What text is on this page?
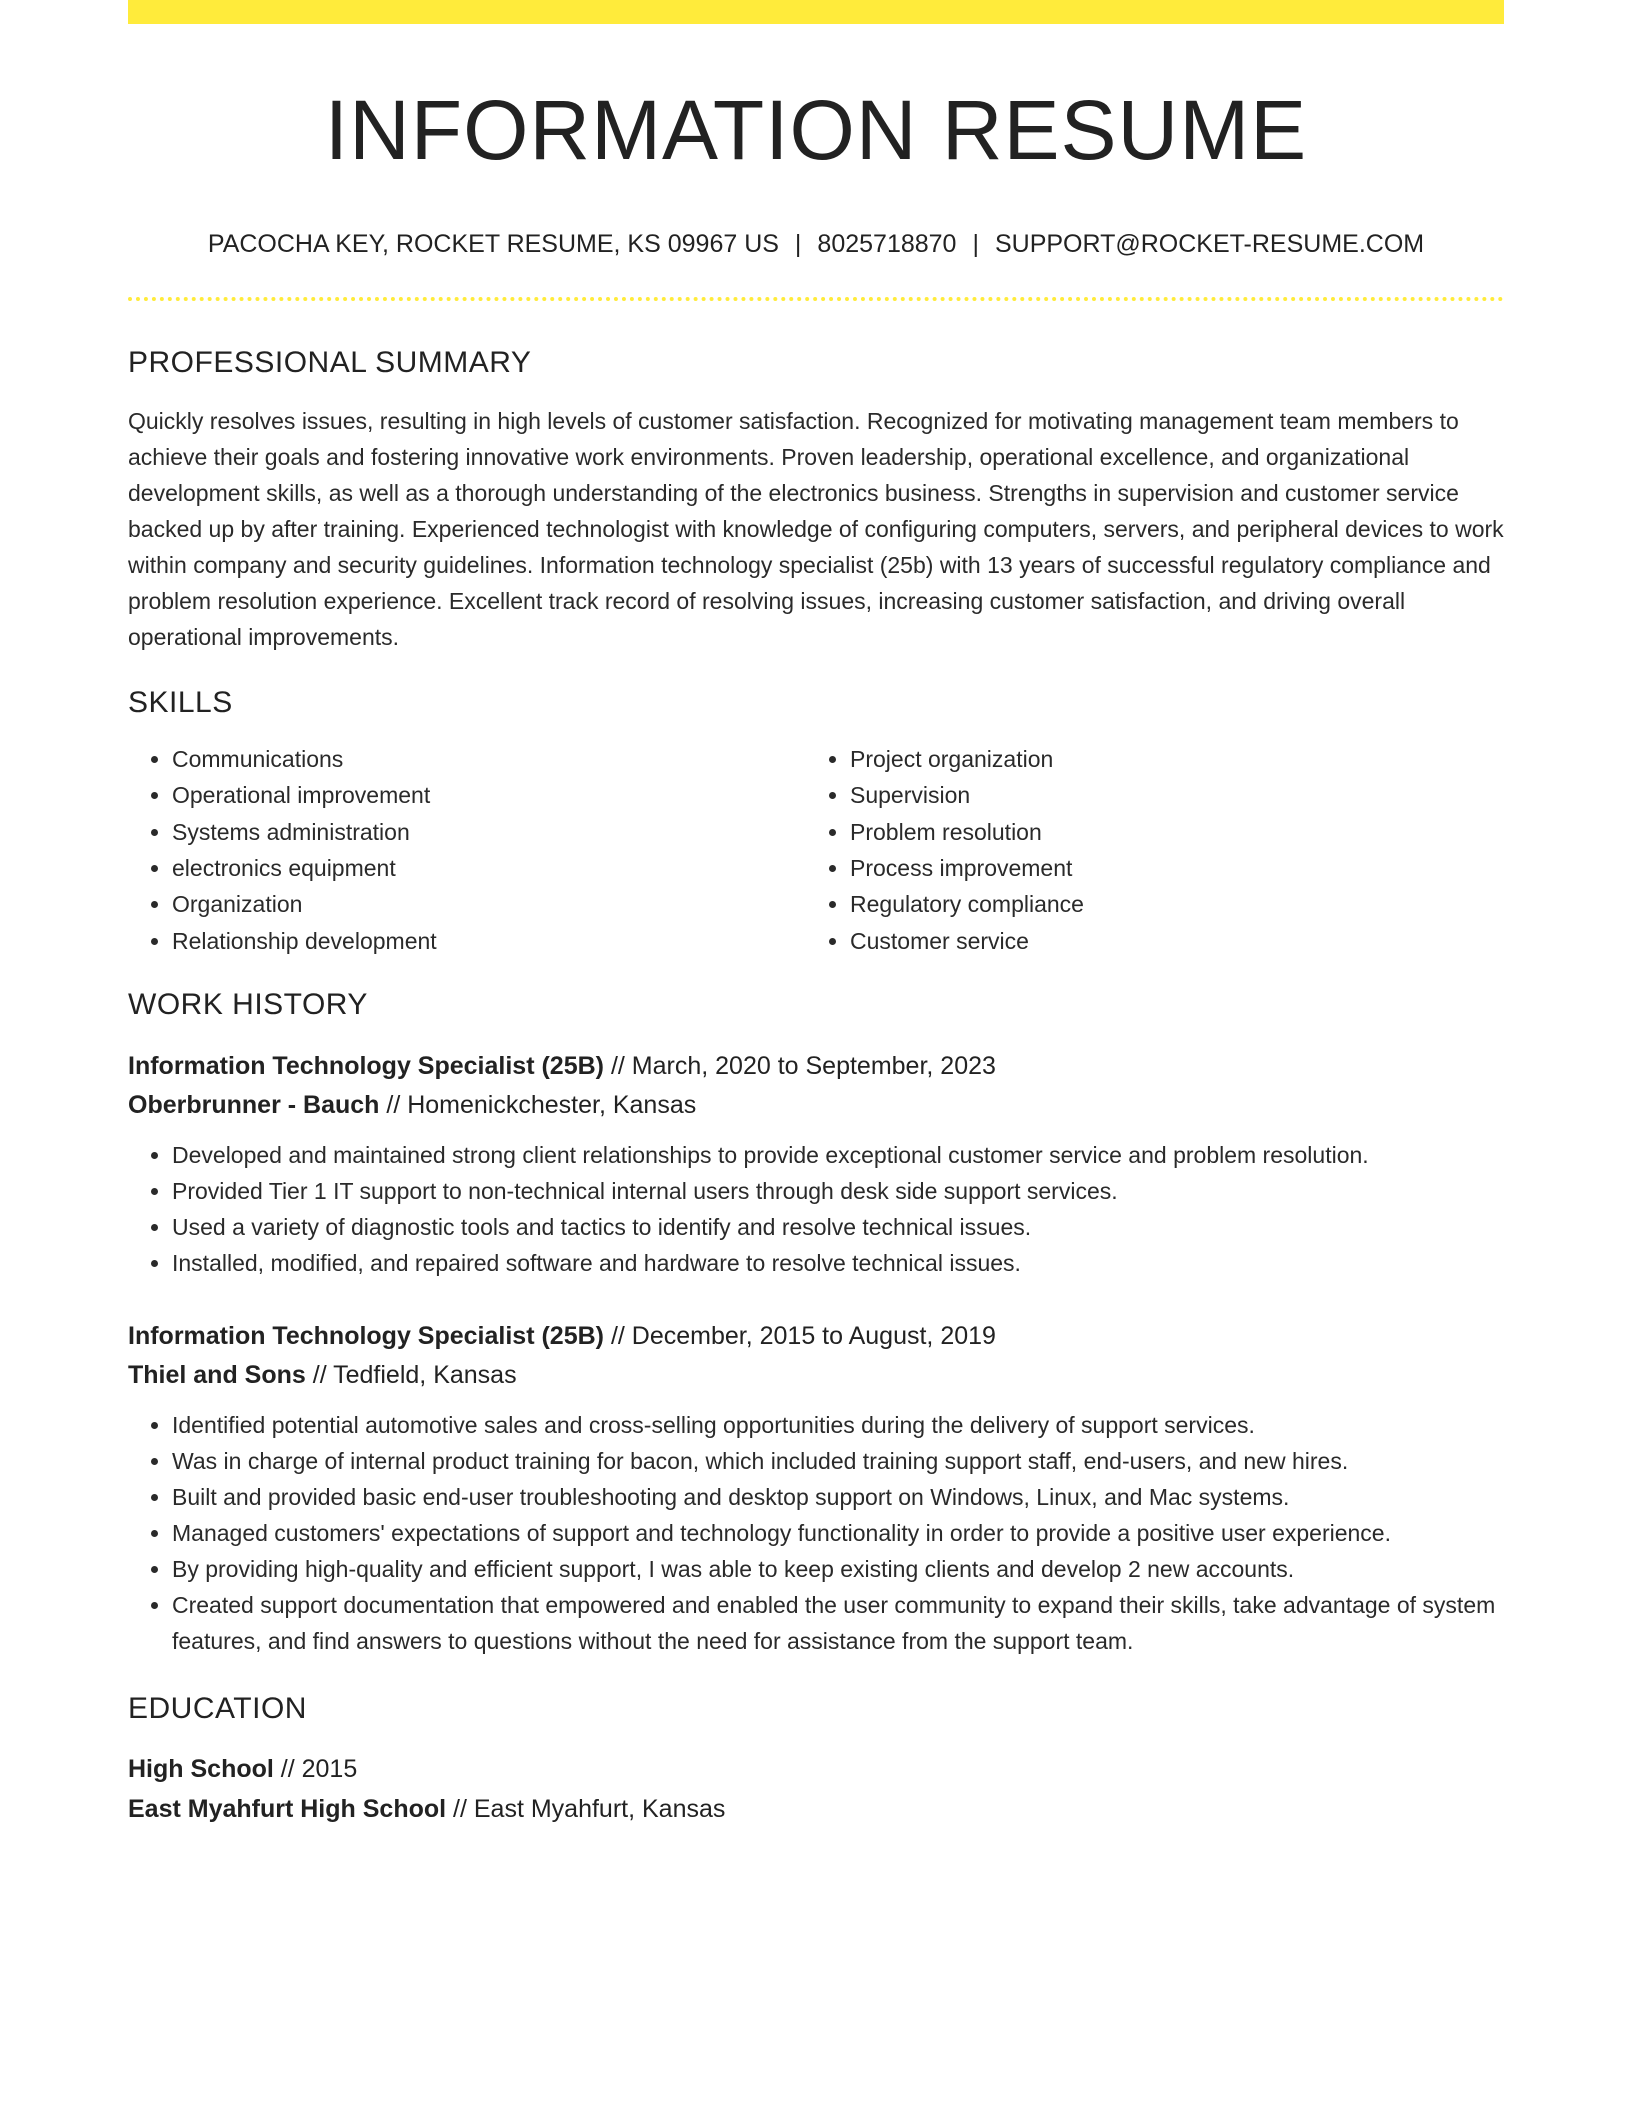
INFORMATION RESUME
PACOCHA KEY, ROCKET RESUME, KS 09967 US | 8025718870 | SUPPORT@ROCKET-RESUME.COM
PROFESSIONAL SUMMARY

Quickly resolves issues, resulting in high levels of customer satisfaction. Recognized for motivating management team members to achieve their goals and fostering innovative work environments. Proven leadership, operational excellence, and organizational development skills, as well as a thorough understanding of the electronics business. Strengths in supervision and customer service backed up by after training. Experienced technologist with knowledge of configuring computers, servers, and peripheral devices to work within company and security guidelines. Information technology specialist (25b) with 13 years of successful regulatory compliance and problem resolution experience. Excellent track record of resolving issues, increasing customer satisfaction, and driving overall operational improvements.

SKILLS
• Communications
• Operational improvement
• Systems administration
• electronics equipment
• Organization
• Relationship development
• Project organization
• Supervision
• Problem resolution
• Process improvement
• Regulatory compliance
• Customer service
WORK HISTORY
Information Technology Specialist (25B) // March, 2020 to September, 2023
Oberbrunner - Bauch // Homenickchester, Kansas
• Developed and maintained strong client relationships to provide exceptional customer service and problem resolution.
• Provided Tier 1 IT support to non-technical internal users through desk side support services.
• Used a variety of diagnostic tools and tactics to identify and resolve technical issues.
• Installed, modified, and repaired software and hardware to resolve technical issues.
Information Technology Specialist (25B) // December, 2015 to August, 2019
Thiel and Sons // Tedfield, Kansas
• Identified potential automotive sales and cross-selling opportunities during the delivery of support services.
• Was in charge of internal product training for bacon, which included training support staff, end-users, and new hires.
• Built and provided basic end-user troubleshooting and desktop support on Windows, Linux, and Mac systems.
• Managed customers' expectations of support and technology functionality in order to provide a positive user experience.
• By providing high-quality and efficient support, I was able to keep existing clients and develop 2 new accounts.
• Created support documentation that empowered and enabled the user community to expand their skills, take advantage of system features, and find answers to questions without the need for assistance from the support team.
EDUCATION
High School // 2015
East Myahfurt High School // East Myahfurt, Kansas
